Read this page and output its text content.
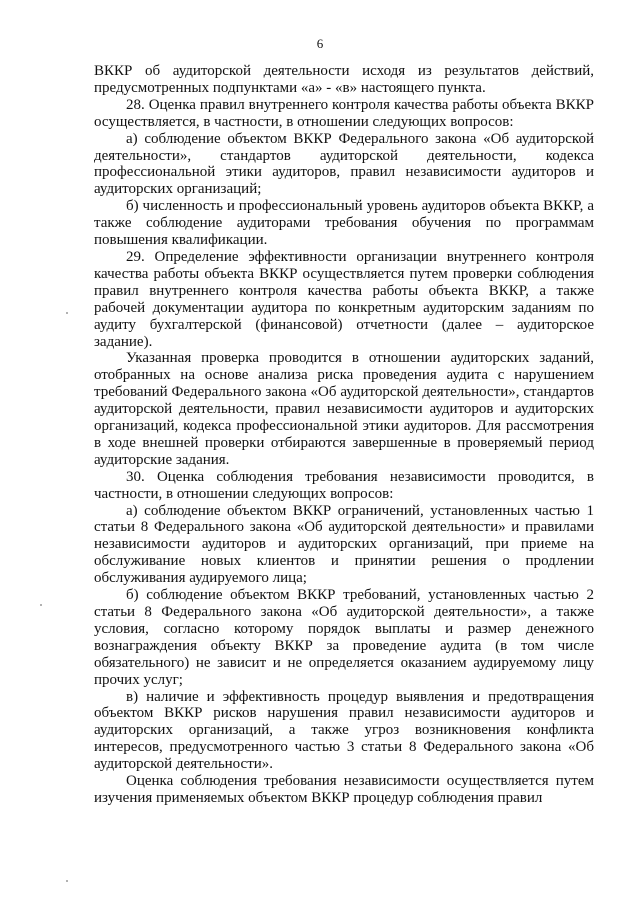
6

ВККР об аудиторской деятельности исходя из результатов действий, предусмотренных подпунктами «а» - «в» настоящего пункта.

28. Оценка правил внутреннего контроля качества работы объекта ВККР осуществляется, в частности, в отношении следующих вопросов:

а) соблюдение объектом ВККР Федерального закона «Об аудиторской деятельности», стандартов аудиторской деятельности, кодекса профессиональной этики аудиторов, правил независимости аудиторов и аудиторских организаций;

б) численность и профессиональный уровень аудиторов объекта ВККР, а также соблюдение аудиторами требования обучения по программам повышения квалификации.

29. Определение эффективности организации внутреннего контроля качества работы объекта ВККР осуществляется путем проверки соблюдения правил внутреннего контроля качества работы объекта ВККР, а также рабочей документации аудитора по конкретным аудиторским заданиям по аудиту бухгалтерской (финансовой) отчетности (далее – аудиторское задание).

Указанная проверка проводится в отношении аудиторских заданий, отобранных на основе анализа риска проведения аудита с нарушением требований Федерального закона «Об аудиторской деятельности», стандартов аудиторской деятельности, правил независимости аудиторов и аудиторских организаций, кодекса профессиональной этики аудиторов. Для рассмотрения в ходе внешней проверки отбираются завершенные в проверяемый период аудиторские задания.

30. Оценка соблюдения требования независимости проводится, в частности, в отношении следующих вопросов:

а) соблюдение объектом ВККР ограничений, установленных частью 1 статьи 8 Федерального закона «Об аудиторской деятельности» и правилами независимости аудиторов и аудиторских организаций, при приеме на обслуживание новых клиентов и принятии решения о продлении обслуживания аудируемого лица;

б) соблюдение объектом ВККР требований, установленных частью 2 статьи 8 Федерального закона «Об аудиторской деятельности», а также условия, согласно которому порядок выплаты и размер денежного вознаграждения объекту ВККР за проведение аудита (в том числе обязательного) не зависит и не определяется оказанием аудируемому лицу прочих услуг;

в) наличие и эффективность процедур выявления и предотвращения объектом ВККР рисков нарушения правил независимости аудиторов и аудиторских организаций, а также угроз возникновения конфликта интересов, предусмотренного частью 3 статьи 8 Федерального закона «Об аудиторской деятельности».

Оценка соблюдения требования независимости осуществляется путем изучения применяемых объектом ВККР процедур соблюдения правил
